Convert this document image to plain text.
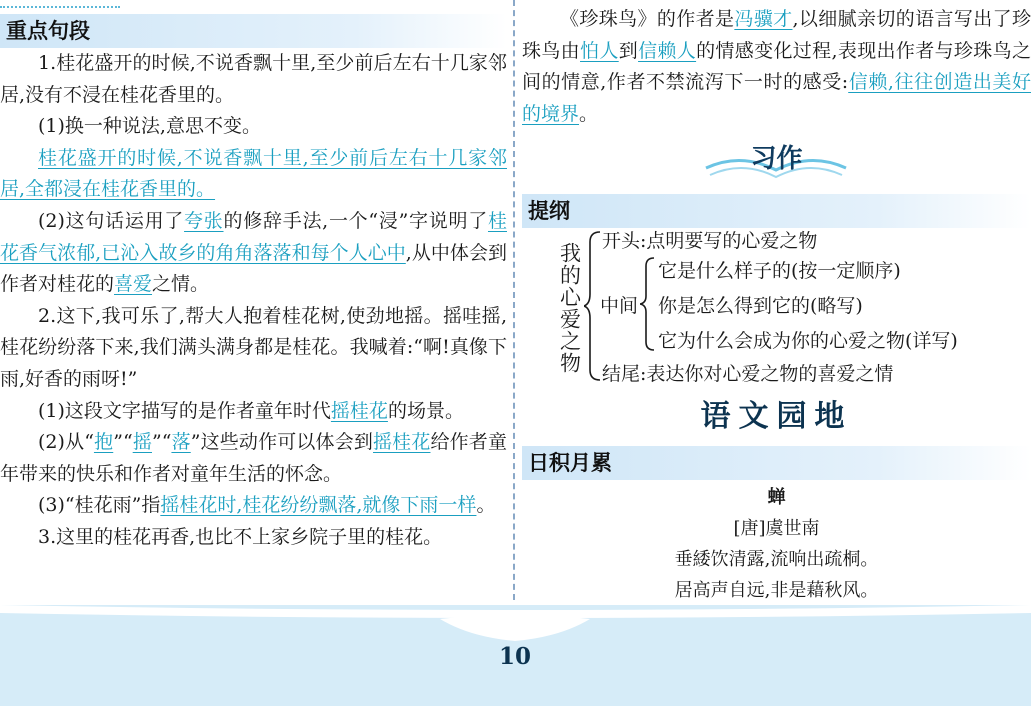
重点句段

1.桂花盛开的时候,不说香飘十里,至少前后左右十几家邻居,没有不浸在桂花香里的。

(1)换一种说法,意思不变。

桂花盛开的时候,不说香飘十里,至少前后左右十几家邻居,全都浸在桂花香里的。

(2)这句话运用了夸张的修辞手法,一个“浸”字说明了桂花香气浓郁,已沁入故乡的角角落落和每个人心中,从中体会到作者对桂花的喜爱之情。

2.这下,我可乐了,帮大人抱着桂花树,使劲地摇。摇哇摇,桂花纷纷落下来,我们满头满身都是桂花。我喊着:“啊!真像下雨,好香的雨呀!”

(1)这段文字描写的是作者童年时代摇桂花的场景。

(2)从“抱”“摇”“落”这些动作可以体会到摇桂花给作者童年带来的快乐和作者对童年生活的怀念。

(3)“桂花雨”指摇桂花时,桂花纷纷飘落,就像下雨一样。

3.这里的桂花再香,也比不上家乡院子里的桂花。

《珍珠鸟》的作者是冯骥才,以细腻亲切的语言写出了珍珠鸟由怕人到信赖人的情感变化过程,表现出作者与珍珠鸟之间的情意,作者不禁流泻下一时的感受:信赖,往往创造出美好的境界。

习作
提纲
我的心爱之物
开头:点明要写的心爱之物
中间
它是什么样子的(按一定顺序)
你是怎么得到它的(略写)
它为什么会成为你的心爱之物(详写)
结尾:表达你对心爱之物的喜爱之情
语文园地
日积月累
蝉
[唐]虞世南
垂緌饮清露,流响出疏桐。
居高声自远,非是藉秋风。
10
